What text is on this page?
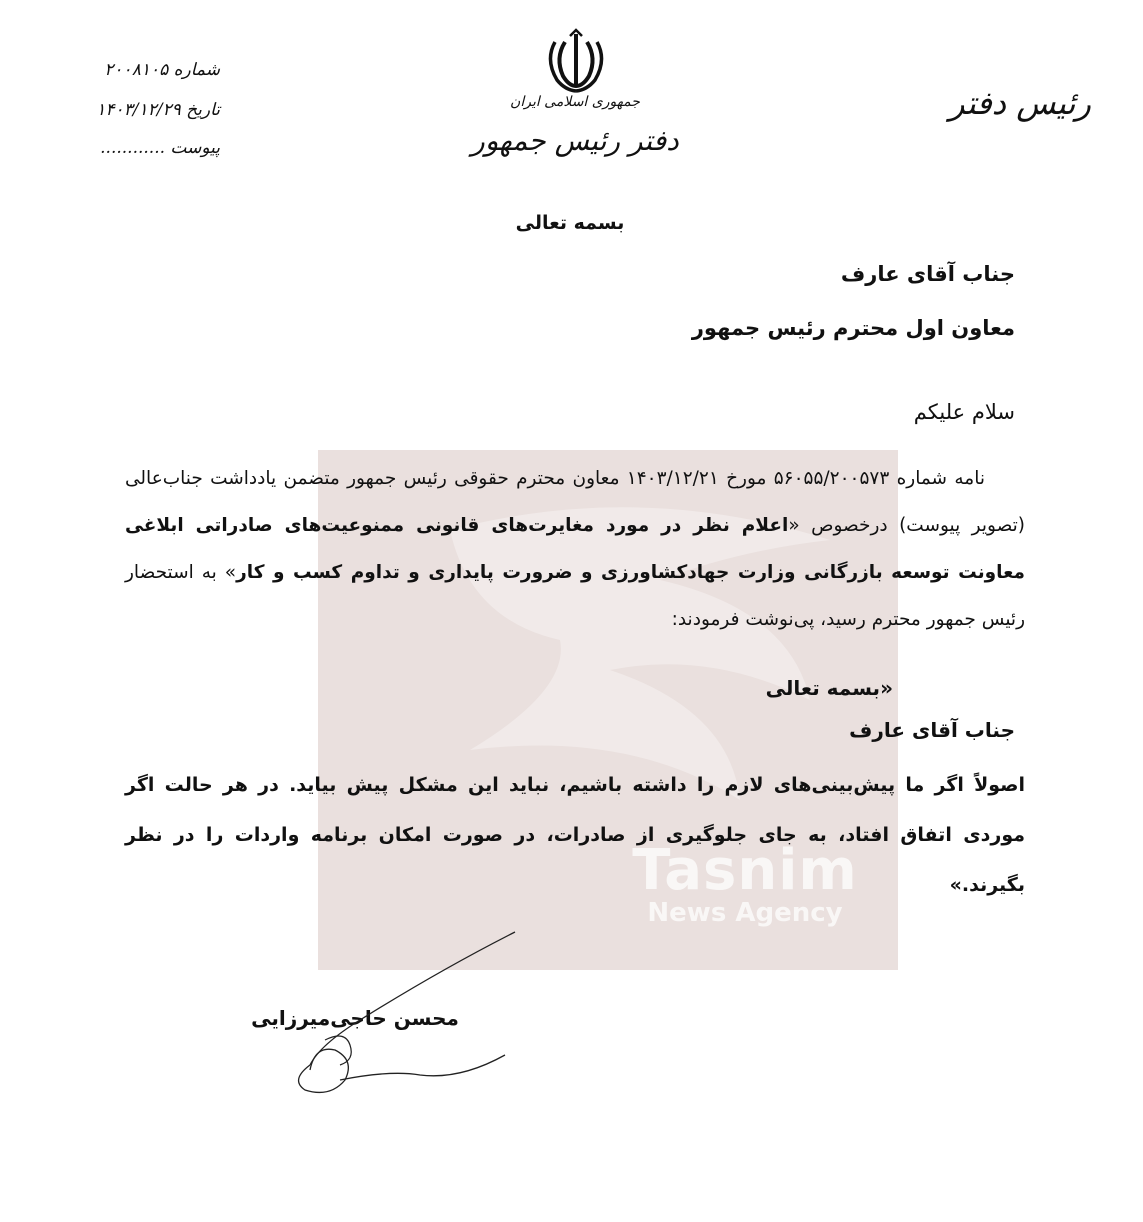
Tasnim
News Agency
جمهوری اسلامی ایران
دفتر رئیس جمهور
رئیس دفتر
شماره ۲۰۰۸۱۰۵
تاریخ ۱۴۰۳/۱۲/۲۹
پیوست ............
بسمه تعالی
جناب آقای عارف
معاون اول محترم رئیس جمهور
سلام علیکم
نامه شماره ۵۶۰۵۵/۲۰۰۵۷۳ مورخ ۱۴۰۳/۱۲/۲۱ معاون محترم حقوقی رئیس جمهور متضمن یادداشت جناب‌عالی (تصویر پیوست) درخصوص «اعلام نظر در مورد مغایرت‌های قانونی ممنوعیت‌های صادراتی ابلاغی معاونت توسعه بازرگانی وزارت جهادکشاورزی و ضرورت پایداری و تداوم کسب و کار» به استحضار رئیس جمهور محترم رسید، پی‌نوشت فرمودند:
«بسمه تعالی
جناب آقای عارف
اصولاً اگر ما پیش‌بینی‌های لازم را داشته باشیم، نباید این مشکل پیش بیاید. در هر حالت اگر موردی اتفاق افتاد، به جای جلوگیری از صادرات، در صورت امکان برنامه واردات را در نظر بگیرند.»
محسن حاجی‌میرزایی
